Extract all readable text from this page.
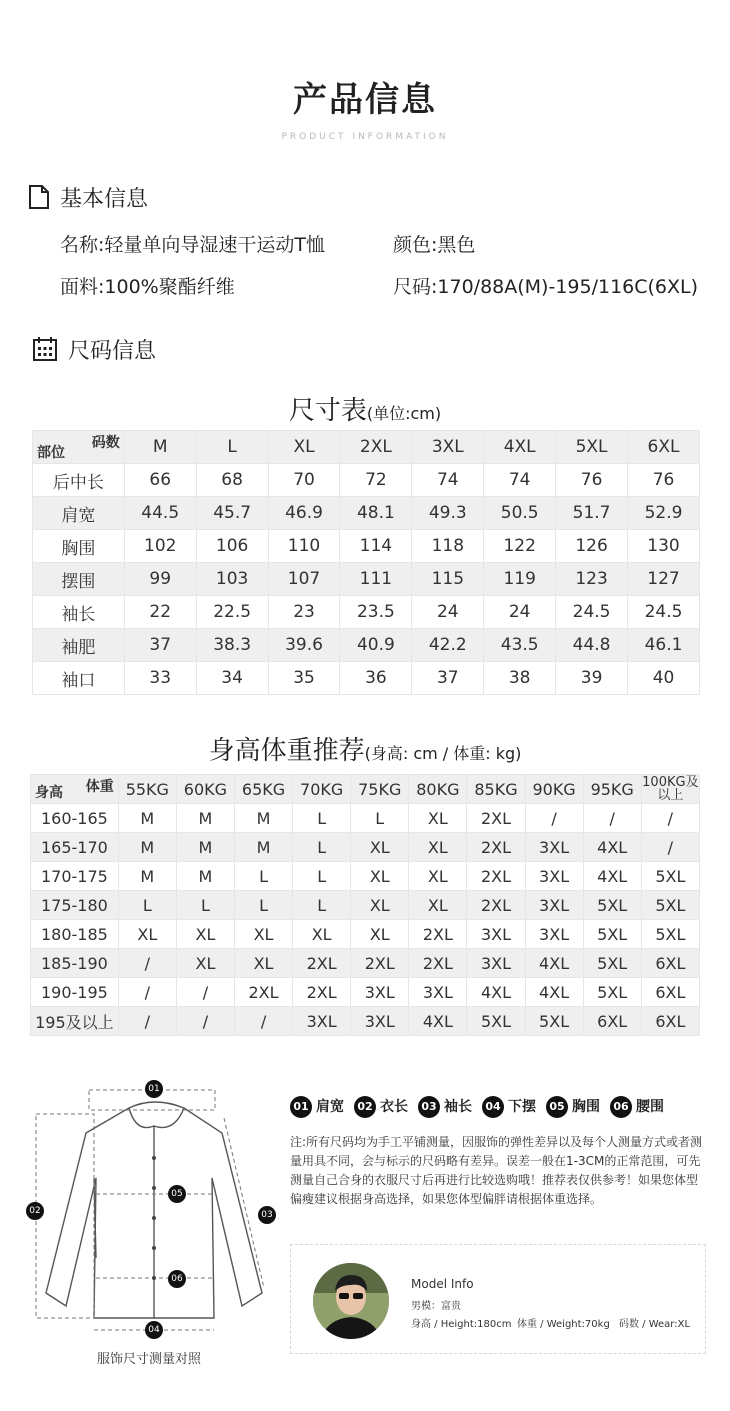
产品信息
PRODUCT INFORMATION
基本信息
名称:轻量单向导湿速干运动T恤	颜色:黑色
面料:100%聚酯纤维	尺码:170/88A(M)-195/116C(6XL)
尺码信息
尺寸表(单位:cm)
码数
部位	M	L	XL	2XL	3XL	4XL	5XL	6XL
后中长	66	68	70	72	74	74	76	76
肩宽	44.5	45.7	46.9	48.1	49.3	50.5	51.7	52.9
胸围	102	106	110	114	118	122	126	130
摆围	99	103	107	111	115	119	123	127
袖长	22	22.5	23	23.5	24	24	24.5	24.5
袖肥	37	38.3	39.6	40.9	42.2	43.5	44.8	46.1
袖口	33	34	35	36	37	38	39	40
身高体重推荐(身高: cm / 体重: kg)
体重
身高	55KG	60KG	65KG	70KG	75KG	80KG	85KG	90KG	95KG	100KG及以上
160-165	M	M	M	L	L	XL	2XL	/	/	/
165-170	M	M	M	L	XL	XL	2XL	3XL	4XL	/
170-175	M	M	L	L	XL	XL	2XL	3XL	4XL	5XL
175-180	L	L	L	L	XL	XL	2XL	3XL	5XL	5XL
180-185	XL	XL	XL	XL	XL	2XL	3XL	3XL	5XL	5XL
185-190	/	XL	XL	2XL	2XL	2XL	3XL	4XL	5XL	6XL
190-195	/	/	2XL	2XL	3XL	3XL	4XL	4XL	5XL	6XL
195及以上	/	/	/	3XL	3XL	4XL	5XL	5XL	6XL	6XL
01
02	03
04
05
06
服饰尺寸测量对照
01 肩宽 02 衣长 03 袖长 04 下摆 05 胸围 06 腰围
注:所有尺码均为手工平铺测量，因服饰的弹性差异以及每个人测量方式或者测量用具不同，会与标示的尺码略有差异。误差一般在1-3CM的正常范围，可先测量自己合身的衣服尺寸后再进行比较选购哦！推荐表仅供参考！如果您体型偏瘦建议根据身高选择，如果您体型偏胖请根据体重选择。
Model Info
男模：富贵
身高 / Height:180cm 体重 / Weight:70kg 码数 / Wear:XL
